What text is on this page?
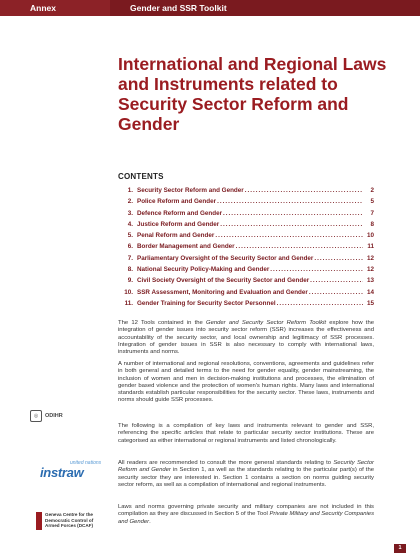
Annex	Gender and SSR Toolkit
International and Regional Laws and Instruments related to Security Sector Reform and Gender
CONTENTS
1. Security Sector Reform and Gender .....	2
2. Police Reform and Gender .....	5
3. Defence Reform and Gender .....	7
4. Justice Reform and Gender .....	8
5. Penal Reform and Gender .....	10
6. Border Management and Gender .....	11
7. Parliamentary Oversight of the Security Sector and Gender .....	12
8. National Security Policy-Making and Gender .....	12
9. Civil Society Oversight of the Security Sector and Gender .....	13
10. SSR Assessment, Monitoring and Evaluation and Gender .....	14
11. Gender Training for Security Sector Personnel .....	15
The 12 Tools contained in the Gender and Security Sector Reform Toolkit explore how the integration of gender issues into security sector reform (SSR) increases the effectiveness and accountability of the security sector, and local ownership and legitimacy of SSR processes. Integration of gender issues in SSR is also necessary to comply with international laws, instruments and norms.
A number of international and regional resolutions, conventions, agreements and guidelines refer in both general and detailed terms to the need for gender equality, gender mainstreaming, the inclusion of women and men in decision-making institutions and processes, the elimination of gender based violence and the protection of women's human rights. Many laws and international standards establish particular responsibilities for the security sector. These laws, instruments and norms should guide SSR processes.
The following is a compilation of key laws and instruments relevant to gender and SSR, referencing the specific articles that relate to particular security sector institutions. These are categorised as either international or regional instruments and listed chronologically.
All readers are recommended to consult the more general standards relating to Security Sector Reform and Gender in Section 1, as well as the standards relating to the particular part(s) of the security sector they are interested in. Section 1 contains a section on norms guiding security sector reform, as well as a compilation of international and regional instruments.
Laws and norms governing private security and military companies are not included in this compilation as they are discussed in Section 5 of the Tool Private Military and Security Companies and Gender.
◎	ODIHR
united nations
instraw
Geneva Centre for the
Democratic Control of
Armed Forces (DCAF)
1
